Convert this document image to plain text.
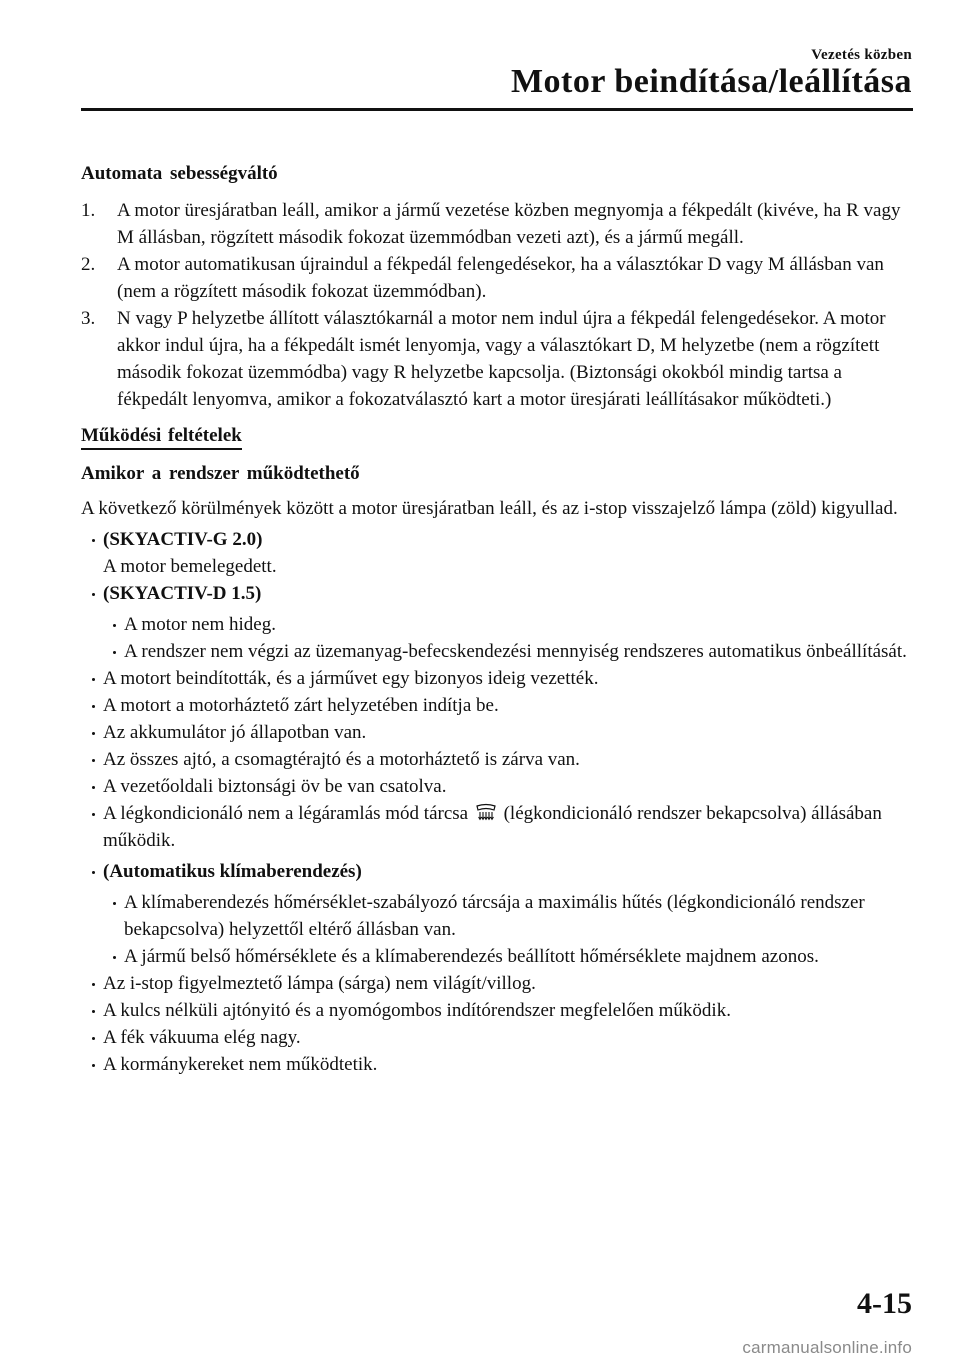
Vezetés közben
Motor beindítása/leállítása
Automata sebességváltó
1. A motor üresjáratban leáll, amikor a jármű vezetése közben megnyomja a fékpedált (kivéve, ha R vagy M állásban, rögzített második fokozat üzemmódban vezeti azt), és a jármű megáll.
2. A motor automatikusan újraindul a fékpedál felengedésekor, ha a választókar D vagy M állásban van (nem a rögzített második fokozat üzemmódban).
3. N vagy P helyzetbe állított választókarnál a motor nem indul újra a fékpedál felengedésekor. A motor akkor indul újra, ha a fékpedált ismét lenyomja, vagy a választókart D, M helyzetbe (nem a rögzített második fokozat üzemmódba) vagy R helyzetbe kapcsolja. (Biztonsági okokból mindig tartsa a fékpedált lenyomva, amikor a fokozatválasztó kart a motor üresjárati leállításakor működteti.)
Működési feltételek
Amikor a rendszer működtethető
A következő körülmények között a motor üresjáratban leáll, és az i-stop visszajelző lámpa (zöld) kigyullad.
(SKYACTIV-G 2.0)
A motor bemelegedett.
(SKYACTIV-D 1.5)
A motor nem hideg.
A rendszer nem végzi az üzemanyag-befecskendezési mennyiség rendszeres automatikus önbeállítását.
A motort beindították, és a járművet egy bizonyos ideig vezették.
A motort a motorháztető zárt helyzetében indítja be.
Az akkumulátor jó állapotban van.
Az összes ajtó, a csomagtérajtó és a motorháztető is zárva van.
A vezetőoldali biztonsági öv be van csatolva.
A légkondicionáló nem a légáramlás mód tárcsa (légkondicionáló rendszer bekapcsolva) állásában működik.
(Automatikus klímaberendezés)
A klímaberendezés hőmérséklet-szabályozó tárcsája a maximális hűtés (légkondicionáló rendszer bekapcsolva) helyzettől eltérő állásban van.
A jármű belső hőmérséklete és a klímaberendezés beállított hőmérséklete majdnem azonos.
Az i-stop figyelmeztető lámpa (sárga) nem világít/villog.
A kulcs nélküli ajtónyitó és a nyomógombos indítórendszer megfelelően működik.
A fék vákuuma elég nagy.
A kormánykereket nem működtetik.
4-15
carmanualsonline.info
